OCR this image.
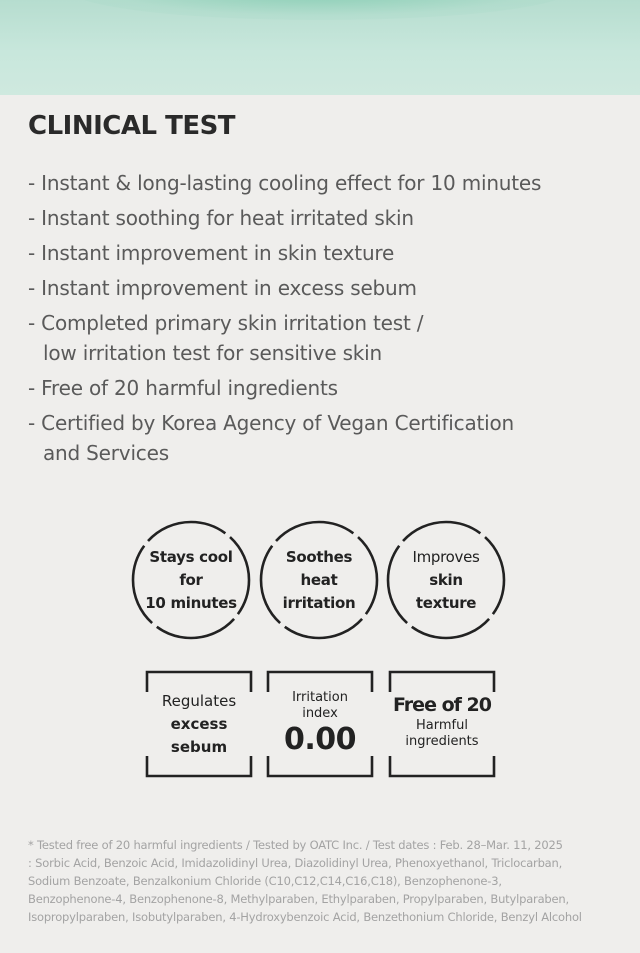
CLINICAL TEST
- Instant & long-lasting cooling effect for 10 minutes
- Instant soothing for heat irritated skin
- Instant improvement in skin texture
- Instant improvement in excess sebum
- Completed primary skin irritation test / low irritation test for sensitive skin
- Free of 20 harmful ingredients
- Certified by Korea Agency of Vegan Certification and Services
Stays cool
for
10 minutes
Soothes
heat
irritation
Improves
skin
texture
Regulates
excess
sebum
Irritation
index
0.00
Free of 20
Harmful
ingredients
* Tested free of 20 harmful ingredients / Tested by OATC Inc. / Test dates : Feb. 28–Mar. 11, 2025
: Sorbic Acid, Benzoic Acid, Imidazolidinyl Urea, Diazolidinyl Urea, Phenoxyethanol, Triclocarban,
Sodium Benzoate, Benzalkonium Chloride (C10,C12,C14,C16,C18), Benzophenone-3,
Benzophenone-4, Benzophenone-8, Methylparaben, Ethylparaben, Propylparaben, Butylparaben,
Isopropylparaben, Isobutylparaben, 4-Hydroxybenzoic Acid, Benzethonium Chloride, Benzyl Alcohol
